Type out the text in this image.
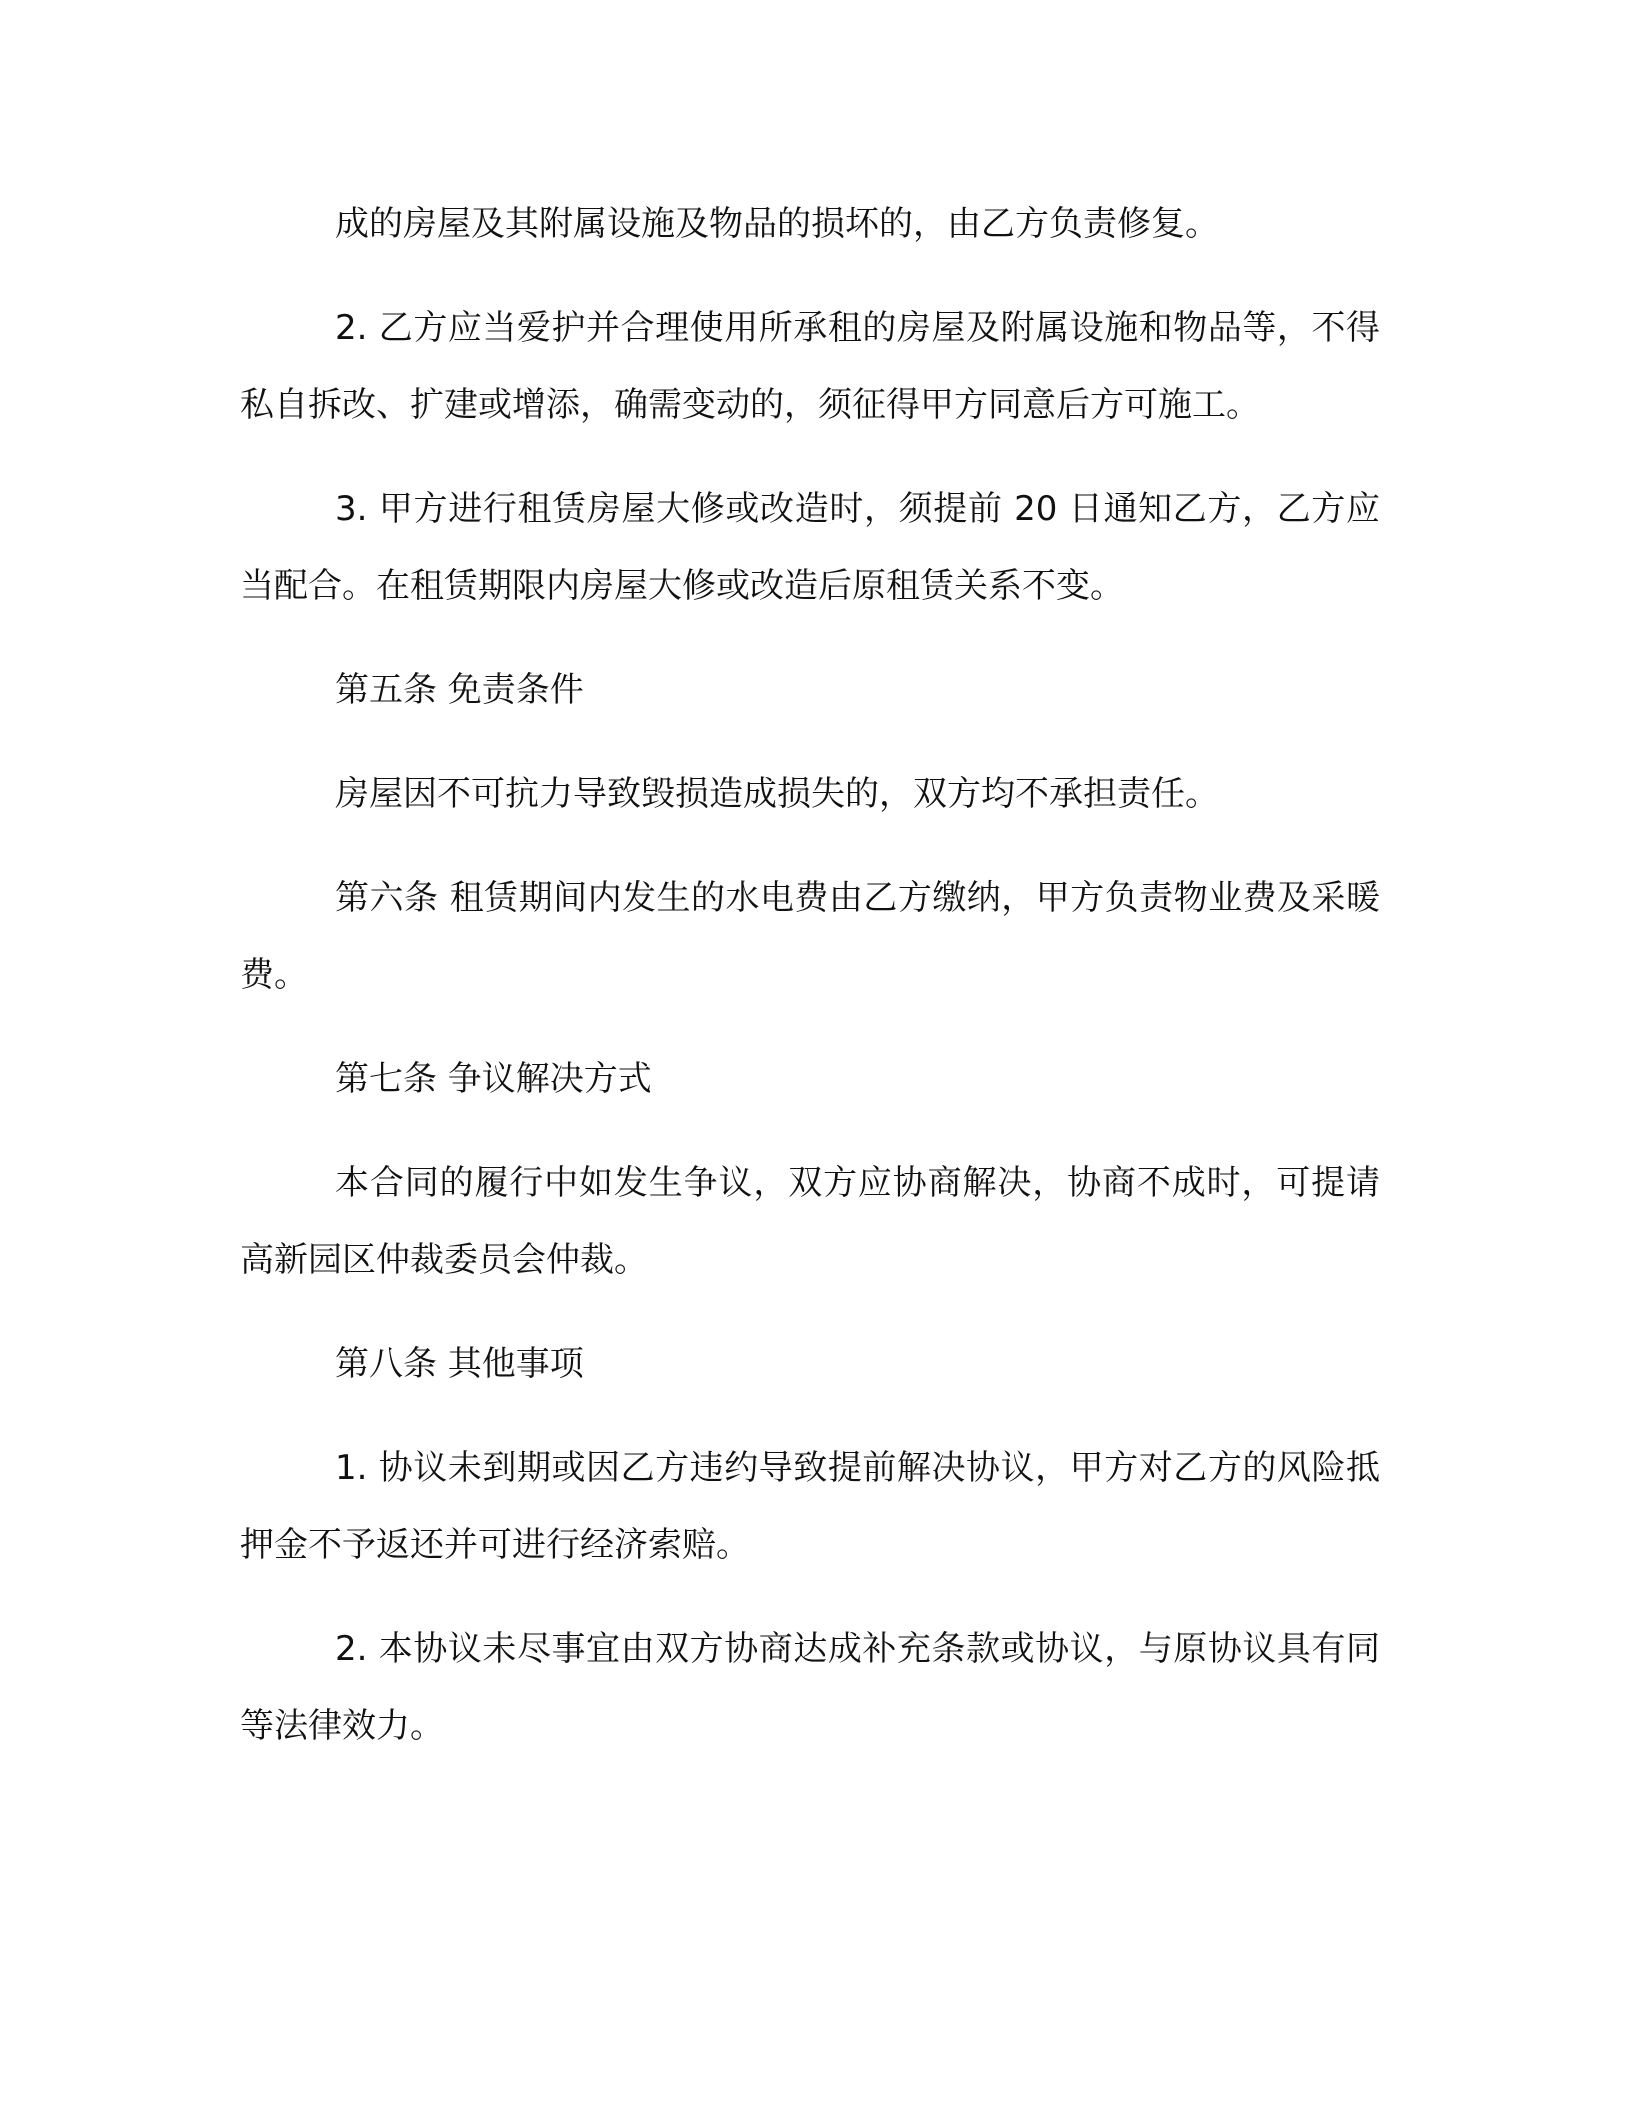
成的房屋及其附属设施及物品的损坏的，由乙方负责修复。

2. 乙方应当爱护并合理使用所承租的房屋及附属设施和物品等，不得私自拆改、扩建或增添，确需变动的，须征得甲方同意后方可施工。

3. 甲方进行租赁房屋大修或改造时，须提前 20 日通知乙方，乙方应当配合。在租赁期限内房屋大修或改造后原租赁关系不变。

第五条 免责条件

房屋因不可抗力导致毁损造成损失的，双方均不承担责任。

第六条 租赁期间内发生的水电费由乙方缴纳，甲方负责物业费及采暖费。

第七条 争议解决方式

本合同的履行中如发生争议，双方应协商解决，协商不成时，可提请高新园区仲裁委员会仲裁。

第八条 其他事项

1. 协议未到期或因乙方违约导致提前解决协议，甲方对乙方的风险抵押金不予返还并可进行经济索赔。

2. 本协议未尽事宜由双方协商达成补充条款或协议，与原协议具有同等法律效力。
